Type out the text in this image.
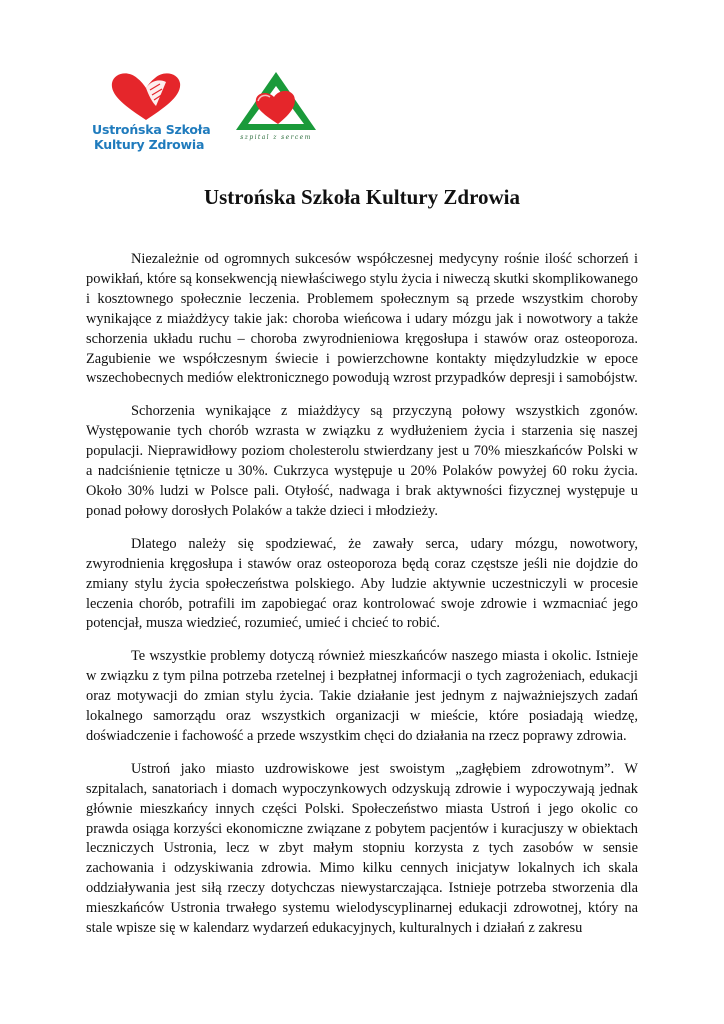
Ustrońska Szkoła
Kultury Zdrowia	szpital z sercem
Ustrońska Szkoła Kultury Zdrowia

Niezależnie od ogromnych sukcesów współczesnej medycyny rośnie ilość schorzeń i powikłań, które są konsekwencją niewłaściwego stylu życia i niweczą skutki skomplikowanego i kosztownego społecznie leczenia. Problemem społecznym są przede wszystkim choroby wynikające z miażdżycy takie jak: choroba wieńcowa i udary mózgu jak i nowotwory a także schorzenia układu ruchu – choroba zwyrodnieniowa kręgosłupa i stawów oraz osteoporoza. Zagubienie we współczesnym świecie i powierzchowne kontakty międzyludzkie w epoce wszechobecnych mediów elektronicznego powodują wzrost przypadków depresji i samobójstw.

Schorzenia wynikające z miażdżycy są przyczyną połowy wszystkich zgonów. Występowanie tych chorób wzrasta w związku z wydłużeniem życia i starzenia się naszej populacji. Nieprawidłowy poziom cholesterolu stwierdzany jest u 70% mieszkańców Polski w a nadciśnienie tętnicze u 30%. Cukrzyca występuje u 20% Polaków powyżej 60 roku życia. Około 30% ludzi w Polsce pali. Otyłość, nadwaga i brak aktywności fizycznej występuje u ponad połowy dorosłych Polaków a także dzieci i młodzieży.

Dlatego należy się spodziewać, że zawały serca, udary mózgu, nowotwory, zwyrodnienia kręgosłupa i stawów oraz osteoporoza będą coraz częstsze jeśli nie dojdzie do zmiany stylu życia społeczeństwa polskiego. Aby ludzie aktywnie uczestniczyli w procesie leczenia chorób, potrafili im zapobiegać oraz kontrolować swoje zdrowie i wzmacniać jego potencjał, musza wiedzieć, rozumieć, umieć i chcieć to robić.

Te wszystkie problemy dotyczą również mieszkańców naszego miasta i okolic. Istnieje w związku z tym pilna potrzeba rzetelnej i bezpłatnej informacji o tych zagrożeniach, edukacji oraz motywacji do zmian stylu życia. Takie działanie jest jednym z najważniejszych zadań lokalnego samorządu oraz wszystkich organizacji w mieście, które posiadają wiedzę, doświadczenie i fachowość a przede wszystkim chęci do działania na rzecz poprawy zdrowia.

Ustroń jako miasto uzdrowiskowe jest swoistym „zagłębiem zdrowotnym”. W szpitalach, sanatoriach i domach wypoczynkowych odzyskują zdrowie i wypoczywają jednak głównie mieszkańcy innych części Polski. Społeczeństwo miasta Ustroń i jego okolic co prawda osiąga korzyści ekonomiczne związane z pobytem pacjentów i kuracjuszy w obiektach leczniczych Ustronia, lecz w zbyt małym stopniu korzysta z tych zasobów w sensie zachowania i odzyskiwania zdrowia. Mimo kilku cennych inicjatyw lokalnych ich skala oddziaływania jest siłą rzeczy dotychczas niewystarczająca. Istnieje potrzeba stworzenia dla mieszkańców Ustronia trwałego systemu wielodyscyplinarnej edukacji zdrowotnej, który na stale wpisze się w kalendarz wydarzeń edukacyjnych, kulturalnych i działań z zakresu
